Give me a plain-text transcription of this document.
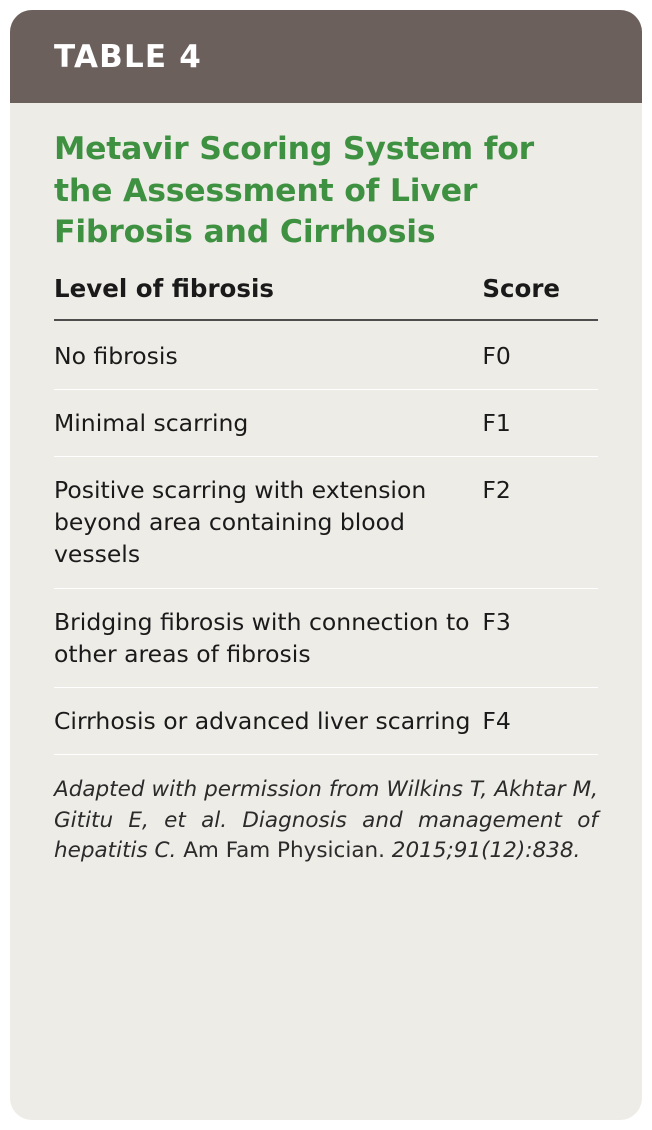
TABLE 4
Metavir Scoring System for the Assessment of Liver Fibrosis and Cirrhosis
Level of fibrosis	Score
No fibrosis	F0
Minimal scarring	F1
Positive scarring with extension beyond area containing blood vessels	F2
Bridging fibrosis with connection to other areas of fibrosis	F3
Cirrhosis or advanced liver scarring	F4
Adapted with permission from Wilkins T, Akhtar M, Gititu E, et al. Diagnosis and management of hepatitis C. Am Fam Physician. 2015;91(12):838.
